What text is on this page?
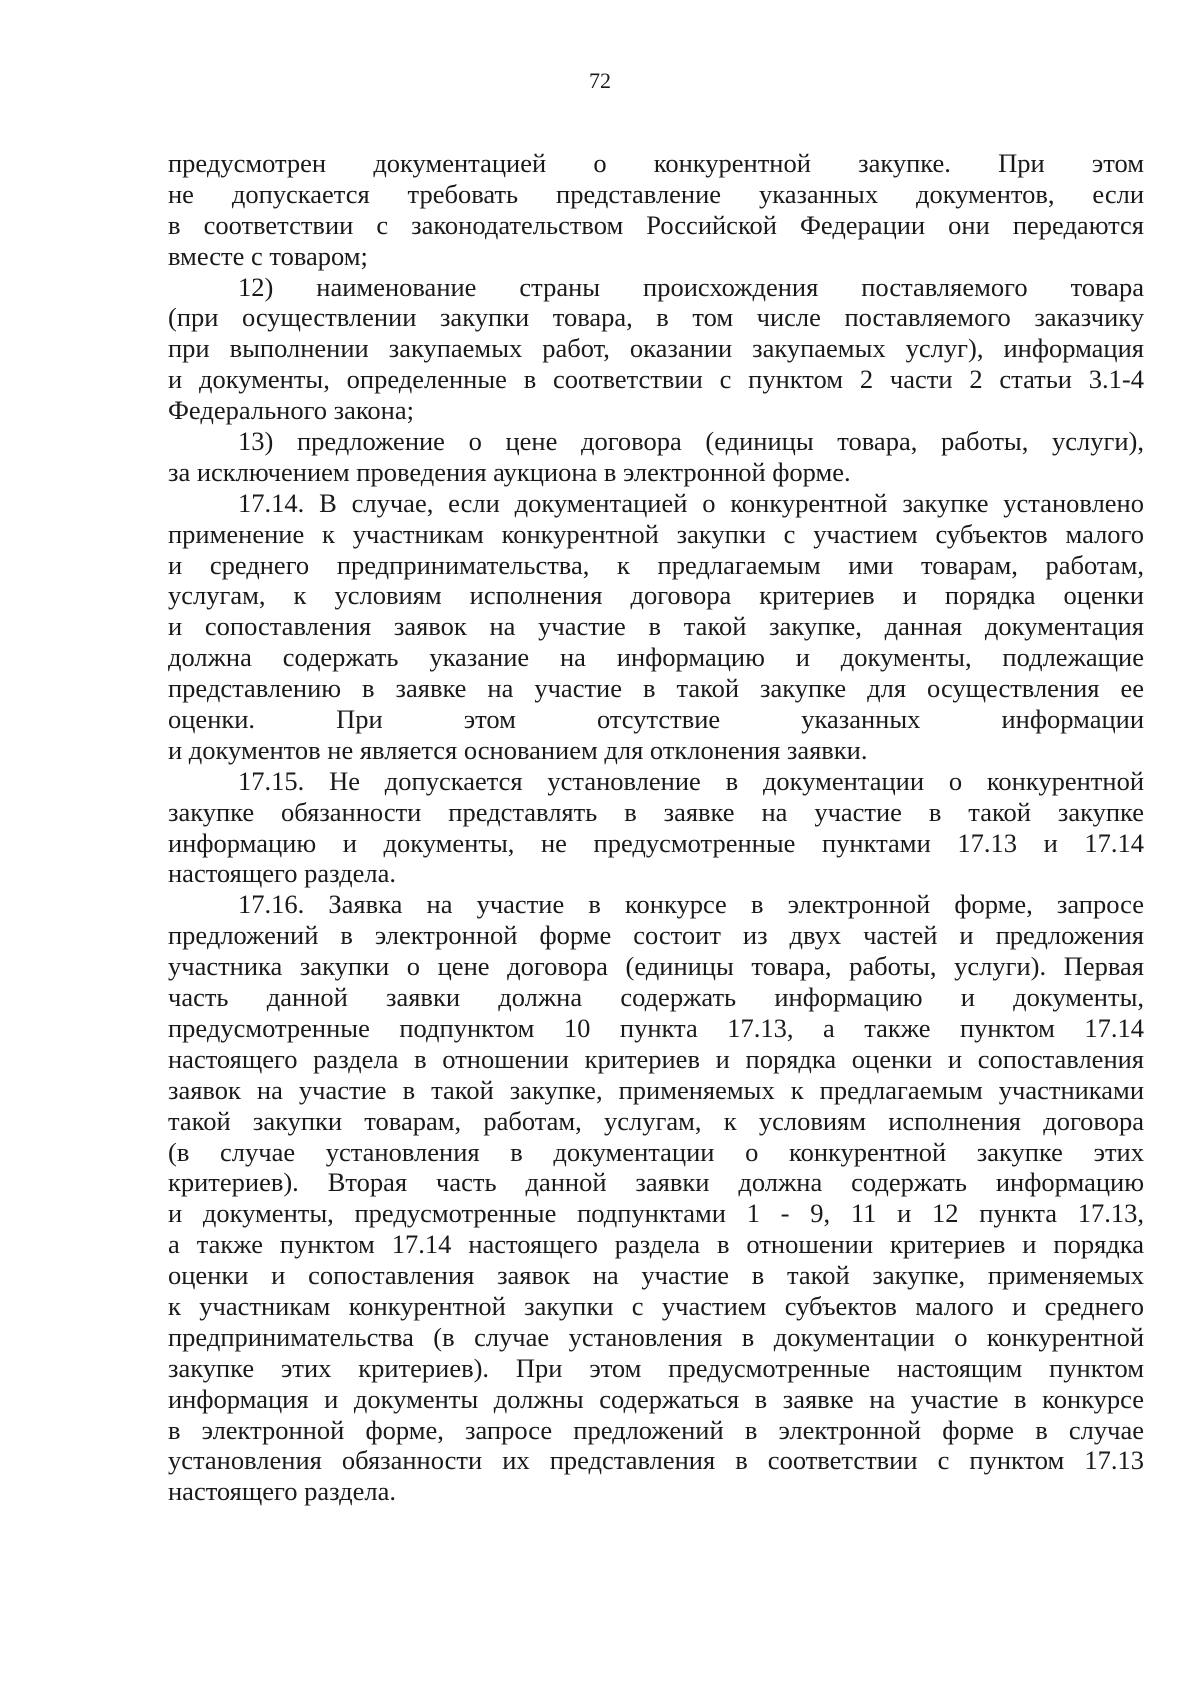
72
предусмотрен документацией о конкурентной закупке. При этом
не допускается требовать представление указанных документов, если
в соответствии с законодательством Российской Федерации они передаются
вместе с товаром;
12) наименование страны происхождения поставляемого товара
(при осуществлении закупки товара, в том числе поставляемого заказчику
при выполнении закупаемых работ, оказании закупаемых услуг), информация
и документы, определенные в соответствии с пунктом 2 части 2 статьи 3.1-4
Федерального закона;
13) предложение о цене договора (единицы товара, работы, услуги),
за исключением проведения аукциона в электронной форме.
17.14. В случае, если документацией о конкурентной закупке установлено
применение к участникам конкурентной закупки с участием субъектов малого
и среднего предпринимательства, к предлагаемым ими товарам, работам,
услугам, к условиям исполнения договора критериев и порядка оценки
и сопоставления заявок на участие в такой закупке, данная документация
должна содержать указание на информацию и документы, подлежащие
представлению в заявке на участие в такой закупке для осуществления ее
оценки. При этом отсутствие указанных информации
и документов не является основанием для отклонения заявки.
17.15. Не допускается установление в документации о конкурентной
закупке обязанности представлять в заявке на участие в такой закупке
информацию и документы, не предусмотренные пунктами 17.13 и 17.14
настоящего раздела.
17.16. Заявка на участие в конкурсе в электронной форме, запросе
предложений в электронной форме состоит из двух частей и предложения
участника закупки о цене договора (единицы товара, работы, услуги). Первая
часть данной заявки должна содержать информацию и документы,
предусмотренные подпунктом 10 пункта 17.13, а также пунктом 17.14
настоящего раздела в отношении критериев и порядка оценки и сопоставления
заявок на участие в такой закупке, применяемых к предлагаемым участниками
такой закупки товарам, работам, услугам, к условиям исполнения договора
(в случае установления в документации о конкурентной закупке этих
критериев). Вторая часть данной заявки должна содержать информацию
и документы, предусмотренные подпунктами 1 - 9, 11 и 12 пункта 17.13,
а также пунктом 17.14 настоящего раздела в отношении критериев и порядка
оценки и сопоставления заявок на участие в такой закупке, применяемых
к участникам конкурентной закупки с участием субъектов малого и среднего
предпринимательства (в случае установления в документации о конкурентной
закупке этих критериев). При этом предусмотренные настоящим пунктом
информация и документы должны содержаться в заявке на участие в конкурсе
в электронной форме, запросе предложений в электронной форме в случае
установления обязанности их представления в соответствии с пунктом 17.13
настоящего раздела.
